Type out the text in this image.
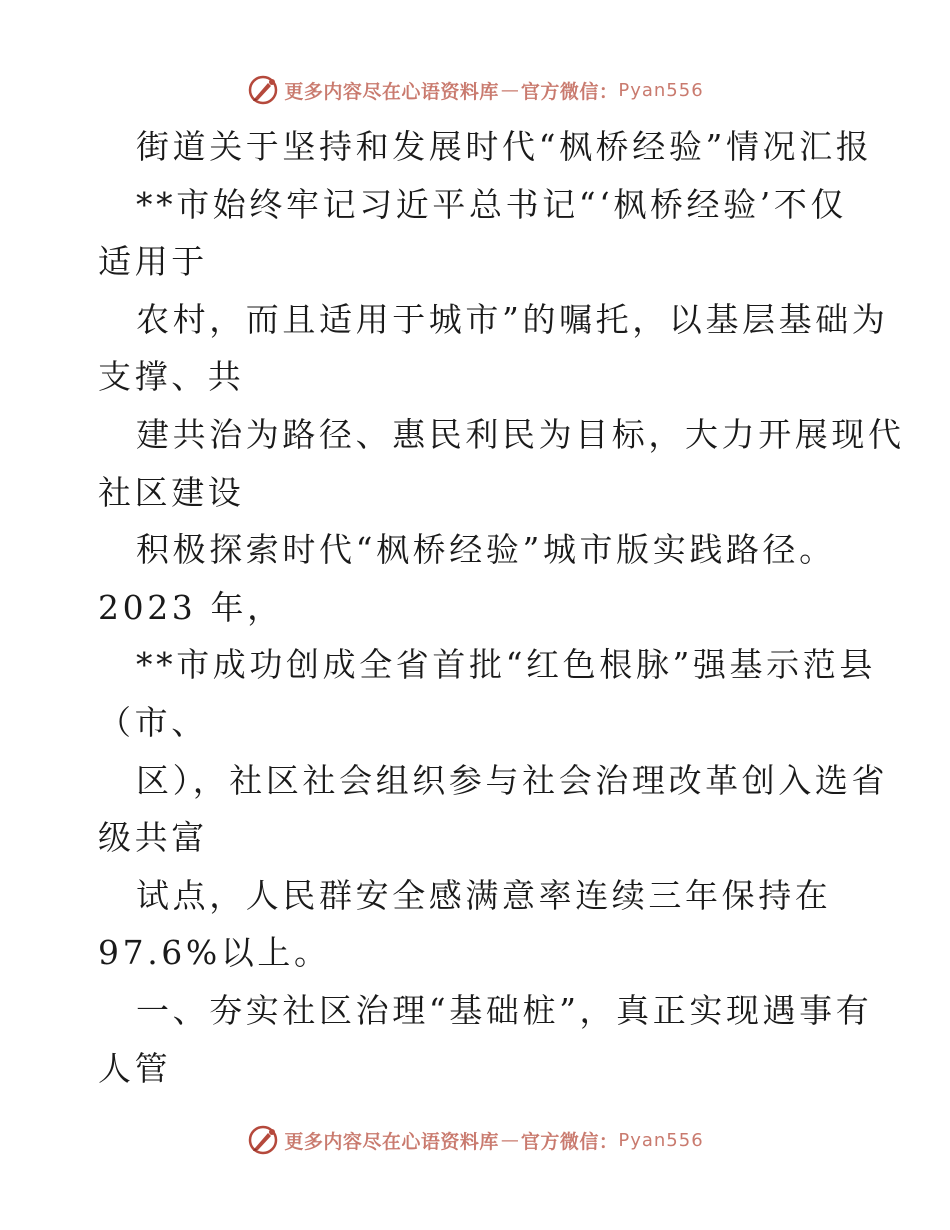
更多内容尽在心语资料库 — 官方微信： Pyan556
街道关于坚持和发展时代“枫桥经验”情况汇报
**市始终牢记习近平总书记“‘枫桥经验’不仅
适用于
农村，而且适用于城市”的嘱托，以基层基础为
支撑、共
建共治为路径、惠民利民为目标，大力开展现代
社区建设
积极探索时代“枫桥经验”城市版实践路径。
2023 年，
**市成功创成全省首批“红色根脉”强基示范县
（市、
区），社区社会组织参与社会治理改革创入选省
级共富
试点，人民群安全感满意率连续三年保持在
97.6%以上。
一、夯实社区治理“基础桩”，真正实现遇事有
人管
更多内容尽在心语资料库 — 官方微信： Pyan556
